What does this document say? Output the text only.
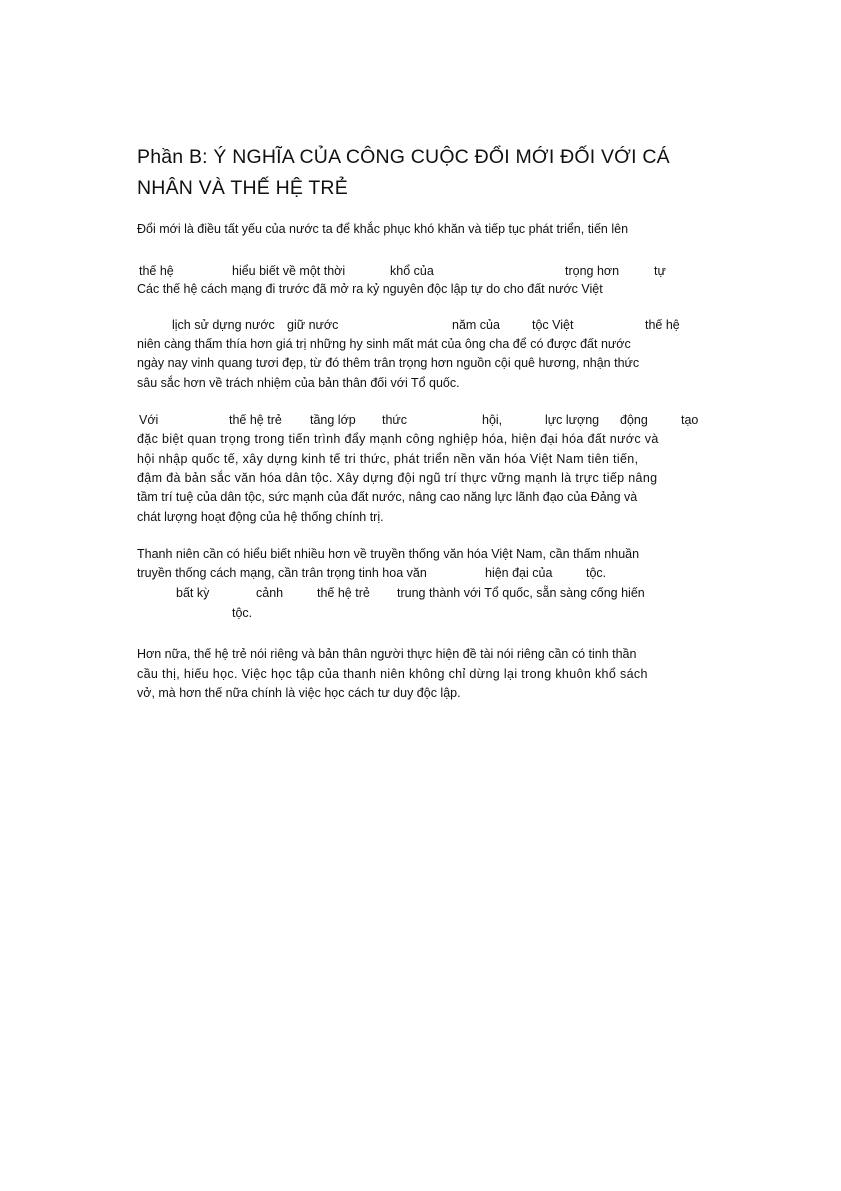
Phần B: Ý NGHĨA CỦA CÔNG CUỘC ĐỔI MỚI ĐỐI VỚI CÁ
NHÂN VÀ THẾ HỆ TRẺ
Đổi mới là điều tất yếu của nước ta để khắc phục khó khăn và tiếp tục phát triển, tiến lên
thế hệ	hiểu biết về một thời	khổ của	trọng hơn	tự
Các thế hệ cách mạng đi trước đã mở ra kỷ nguyên độc lập tự do cho đất nước Việt
lịch sử dựng nước giữ nước	năm của	tộc Việt	thế hệ
niên càng thấm thía hơn giá trị những hy sinh mất mát của ông cha để có được đất nước
ngày nay vinh quang tươi đẹp, từ đó thêm trân trọng hơn nguồn cội quê hương, nhận thức
sâu sắc hơn về trách nhiệm của bản thân đối với Tổ quốc.
Với	thế hệ trẻ tầng lớp thức	hội,	lực lượng động	tạo
đặc biệt quan trọng trong tiến trình đẩy mạnh công nghiệp hóa, hiện đại hóa đất nước và
hội nhập quốc tế, xây dựng kinh tế tri thức, phát triển nền văn hóa Việt Nam tiên tiến,
đậm đà bản sắc văn hóa dân tộc. Xây dựng đội ngũ trí thực vững mạnh là trực tiếp nâng
tầm trí tuệ của dân tộc, sức mạnh của đất nước, nâng cao năng lực lãnh đạo của Đảng và
chát lượng hoạt động của hệ thống chính trị.
Thanh niên cần có hiểu biết nhiều hơn về truyền thống văn hóa Việt Nam, cần thấm nhuần
truyền thống cách mạng, cần trân trọng tinh hoa văn	hiện đại của	tộc.
bất kỳ	cảnh	thế hệ trẻ trung thành với Tổ quốc, sẵn sàng cống hiến
tộc.
Hơn nữa, thế hệ trẻ nói riêng và bản thân người thực hiện đề tài nói riêng cần có tinh thần
cầu thị, hiếu học. Việc học tập của thanh niên không chỉ dừng lại trong khuôn khổ sách
vở, mà hơn thế nữa chính là việc học cách tư duy độc lập.
